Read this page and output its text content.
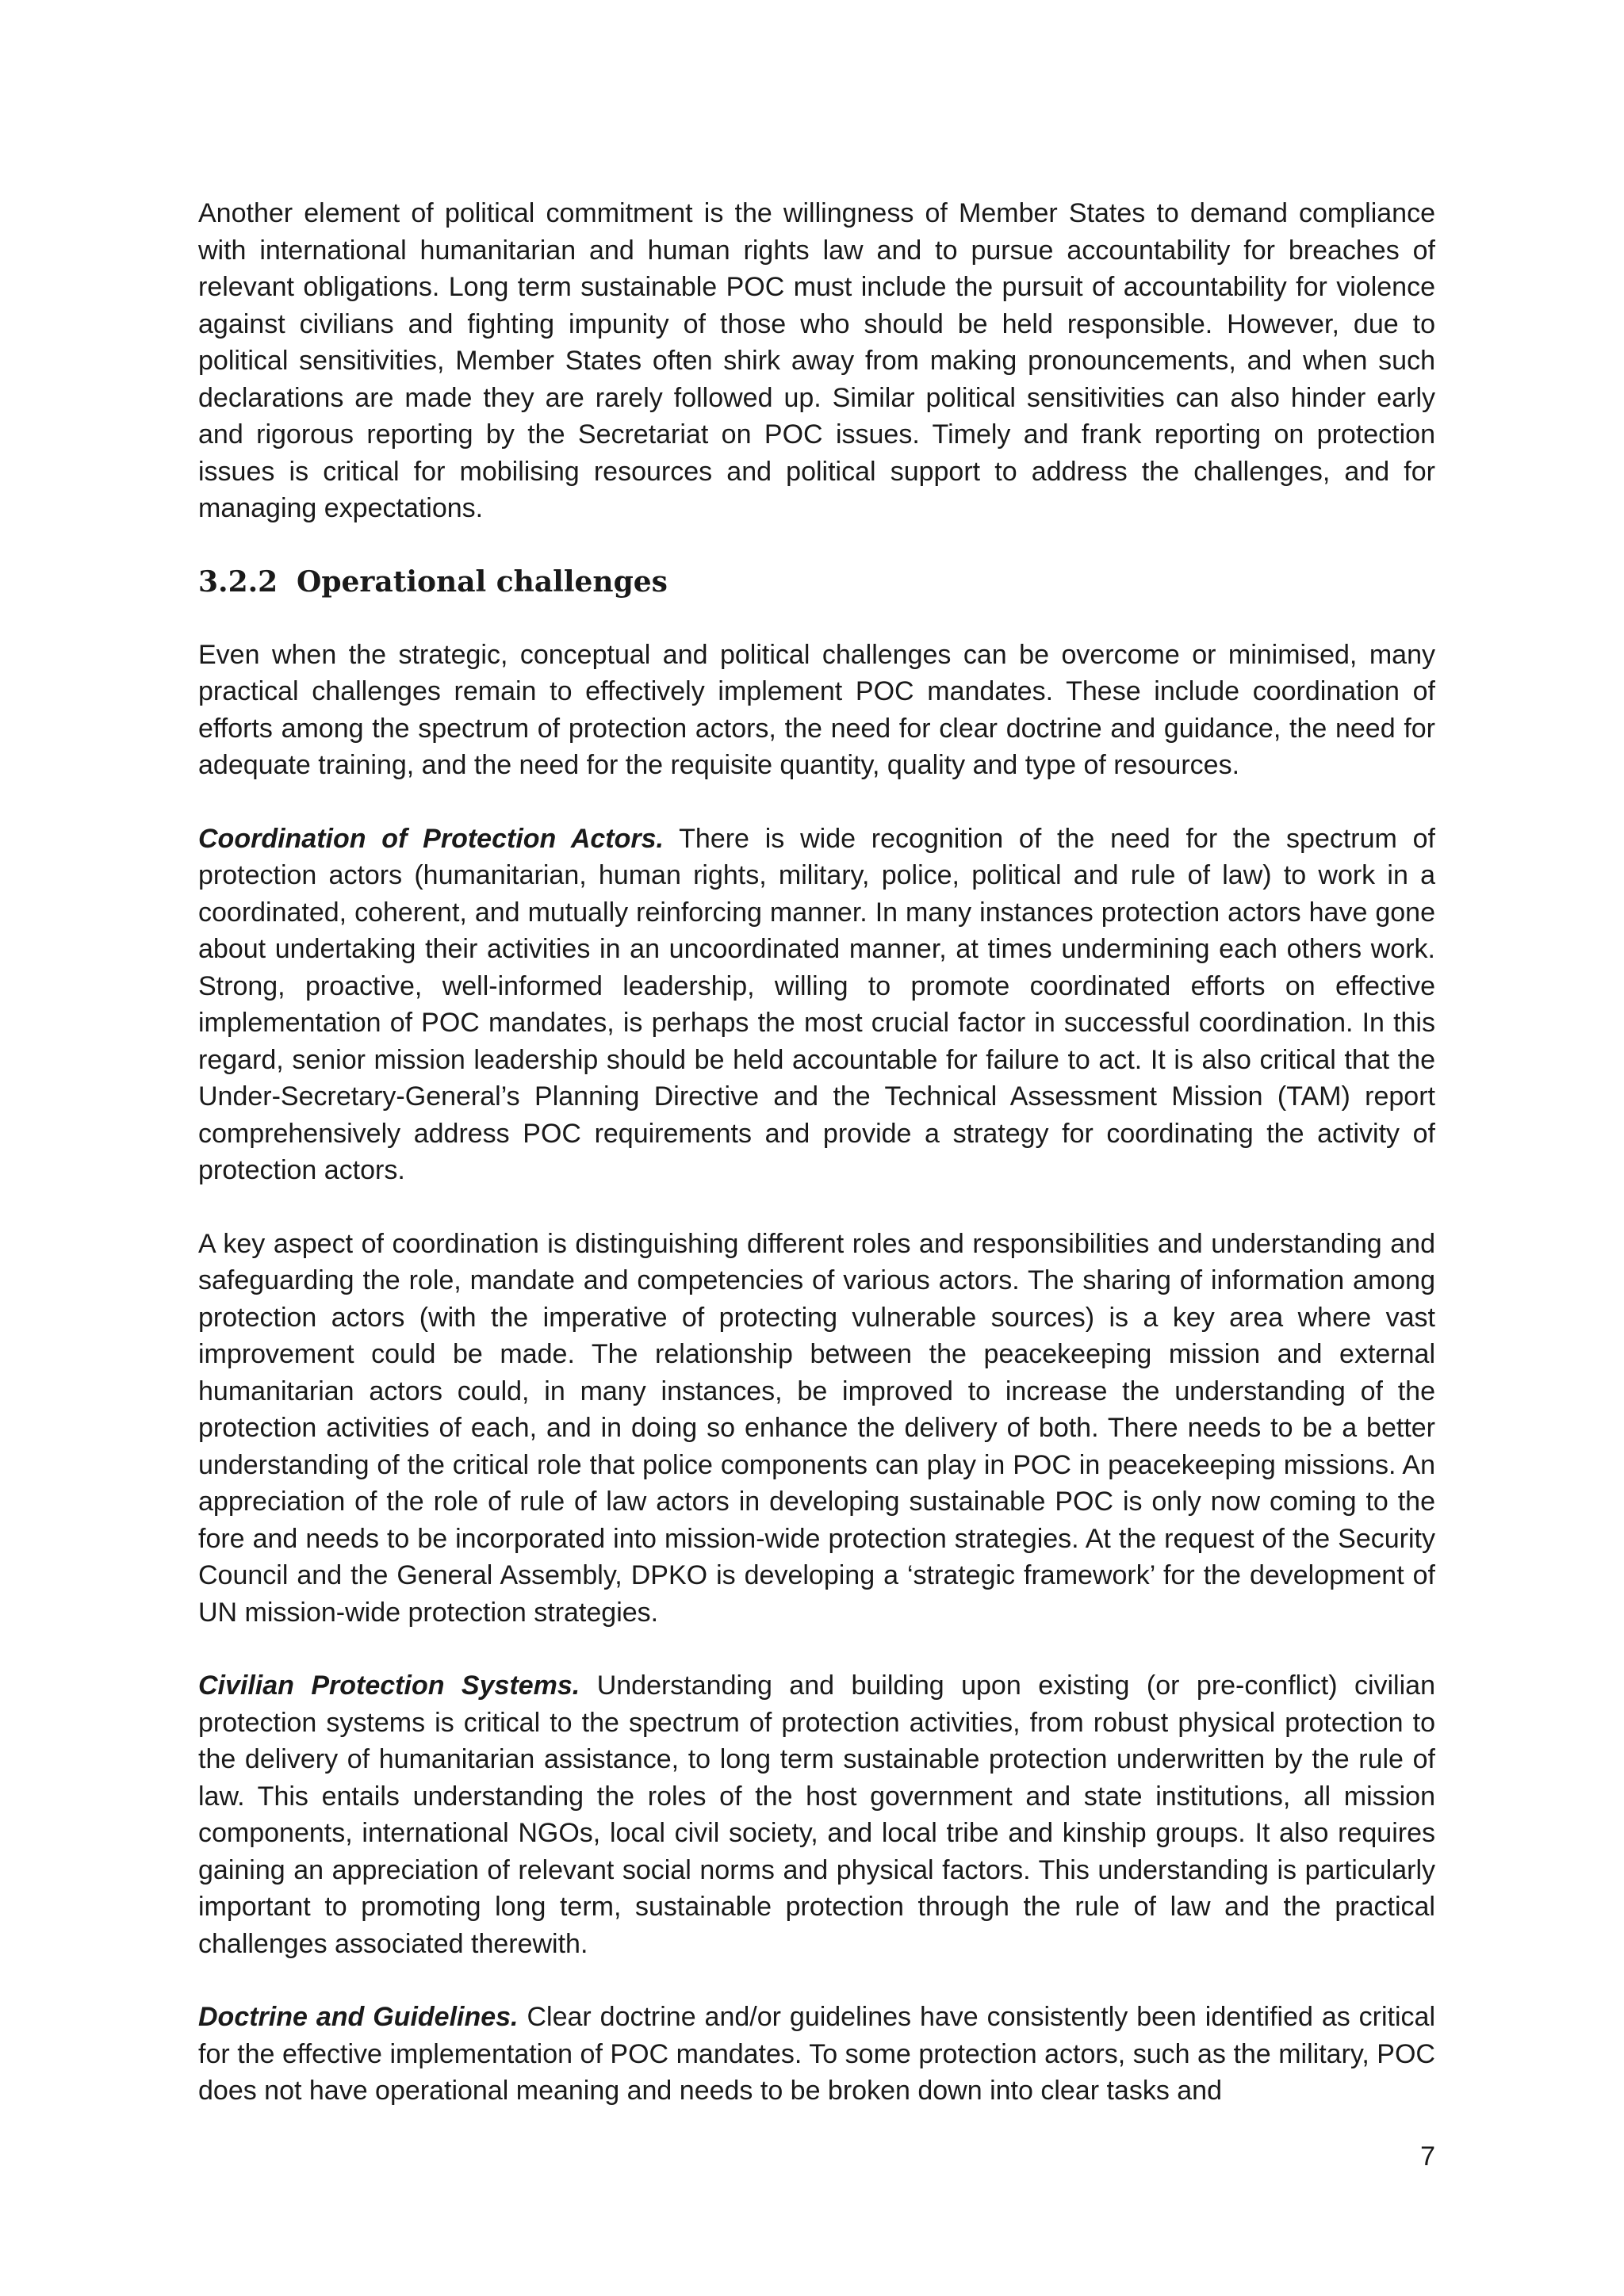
Another element of political commitment is the willingness of Member States to demand compliance with international humanitarian and human rights law and to pursue accountability for breaches of relevant obligations. Long term sustainable POC must include the pursuit of accountability for violence against civilians and fighting impunity of those who should be held responsible. However, due to political sensitivities, Member States often shirk away from making pronouncements, and when such declarations are made they are rarely followed up. Similar political sensitivities can also hinder early and rigorous reporting by the Secretariat on POC issues. Timely and frank reporting on protection issues is critical for mobilising resources and political support to address the challenges, and for managing expectations.

3.2.2 Operational challenges

Even when the strategic, conceptual and political challenges can be overcome or minimised, many practical challenges remain to effectively implement POC mandates. These include coordination of efforts among the spectrum of protection actors, the need for clear doctrine and guidance, the need for adequate training, and the need for the requisite quantity, quality and type of resources.

Coordination of Protection Actors. There is wide recognition of the need for the spectrum of protection actors (humanitarian, human rights, military, police, political and rule of law) to work in a coordinated, coherent, and mutually reinforcing manner. In many instances protection actors have gone about undertaking their activities in an uncoordinated manner, at times undermining each others work. Strong, proactive, well-informed leadership, willing to promote coordinated efforts on effective implementation of POC mandates, is perhaps the most crucial factor in successful coordination. In this regard, senior mission leadership should be held accountable for failure to act. It is also critical that the Under-Secretary-General’s Planning Directive and the Technical Assessment Mission (TAM) report comprehensively address POC requirements and provide a strategy for coordinating the activity of protection actors.

A key aspect of coordination is distinguishing different roles and responsibilities and understanding and safeguarding the role, mandate and competencies of various actors. The sharing of information among protection actors (with the imperative of protecting vulnerable sources) is a key area where vast improvement could be made. The relationship between the peacekeeping mission and external humanitarian actors could, in many instances, be improved to increase the understanding of the protection activities of each, and in doing so enhance the delivery of both. There needs to be a better understanding of the critical role that police components can play in POC in peacekeeping missions. An appreciation of the role of rule of law actors in developing sustainable POC is only now coming to the fore and needs to be incorporated into mission-wide protection strategies. At the request of the Security Council and the General Assembly, DPKO is developing a ‘strategic framework’ for the development of UN mission-wide protection strategies.

Civilian Protection Systems. Understanding and building upon existing (or pre-conflict) civilian protection systems is critical to the spectrum of protection activities, from robust physical protection to the delivery of humanitarian assistance, to long term sustainable protection underwritten by the rule of law. This entails understanding the roles of the host government and state institutions, all mission components, international NGOs, local civil society, and local tribe and kinship groups. It also requires gaining an appreciation of relevant social norms and physical factors. This understanding is particularly important to promoting long term, sustainable protection through the rule of law and the practical challenges associated therewith.

Doctrine and Guidelines. Clear doctrine and/or guidelines have consistently been identified as critical for the effective implementation of POC mandates. To some protection actors, such as the military, POC does not have operational meaning and needs to be broken down into clear tasks and

7
